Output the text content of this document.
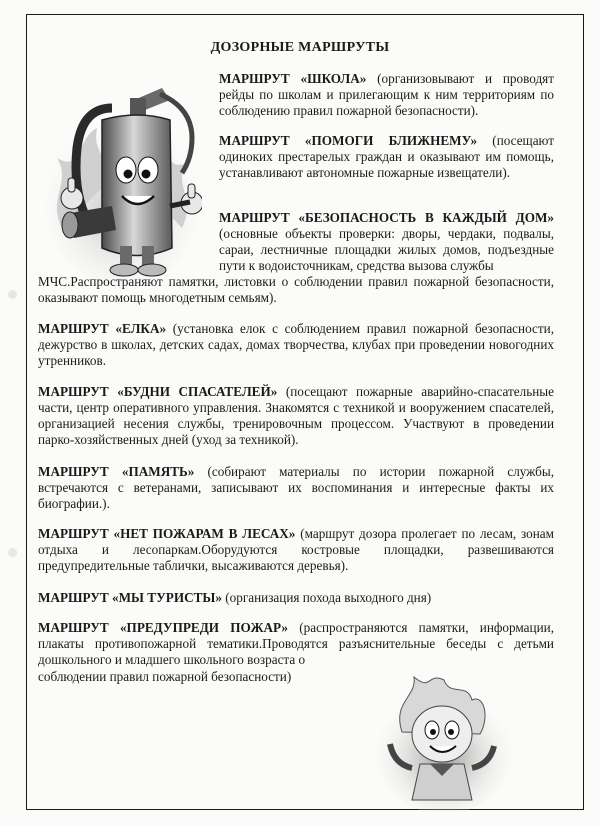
ДОЗОРНЫЕ МАРШРУТЫ
МАРШРУТ «ШКОЛА» (организовывают и проводят рейды по школам и прилегающим к ним территориям по соблюдению правил пожарной безопасности).
МАРШРУТ «ПОМОГИ БЛИЖНЕМУ» (посещают одиноких престарелых граждан и оказывают им помощь, устанавливают автономные пожарные извещатели).
МАРШРУТ «БЕЗОПАСНОСТЬ В КАЖДЫЙ ДОМ» (основные объекты проверки: дворы, чердаки, подвалы, сараи, лестничные площадки жилых домов, подъездные пути к водоисточникам, средства вызова службы
МЧС.Распространяют памятки, листовки о соблюдении правил пожарной безопасности, оказывают помощь многодетным семьям).
МАРШРУТ «ЕЛКА» (установка елок с соблюдением правил пожарной безопасности, дежурство в школах, детских садах, домах творчества, клубах при проведении новогодних утренников.
МАРШРУТ «БУДНИ СПАСАТЕЛЕЙ» (посещают пожарные аварийно-спасательные части, центр оперативного управления. Знакомятся с техникой и вооружением спасателей, организацией несения службы, тренировочным процессом. Участвуют в проведении парко-хозяйственных дней (уход за техникой).
МАРШРУТ «ПАМЯТЬ» (собирают материалы по истории пожарной службы, встречаются с ветеранами, записывают их воспоминания и интересные факты их биографии.).
МАРШРУТ «НЕТ ПОЖАРАМ В ЛЕСАХ» (маршрут дозора пролегает по лесам, зонам отдыха и лесопаркам.Оборудуются костровые площадки, развешиваются предупредительные таблички, высаживаются деревья).
МАРШРУТ «МЫ ТУРИСТЫ» (организация похода выходного дня)
МАРШРУТ «ПРЕДУПРЕДИ ПОЖАР» (распространяются памятки, информации, плакаты противопожарной тематики.Проводятся разъяснительные беседы с детьми дошкольного и младшего школьного возраста о
соблюдении правил пожарной безопасности)
